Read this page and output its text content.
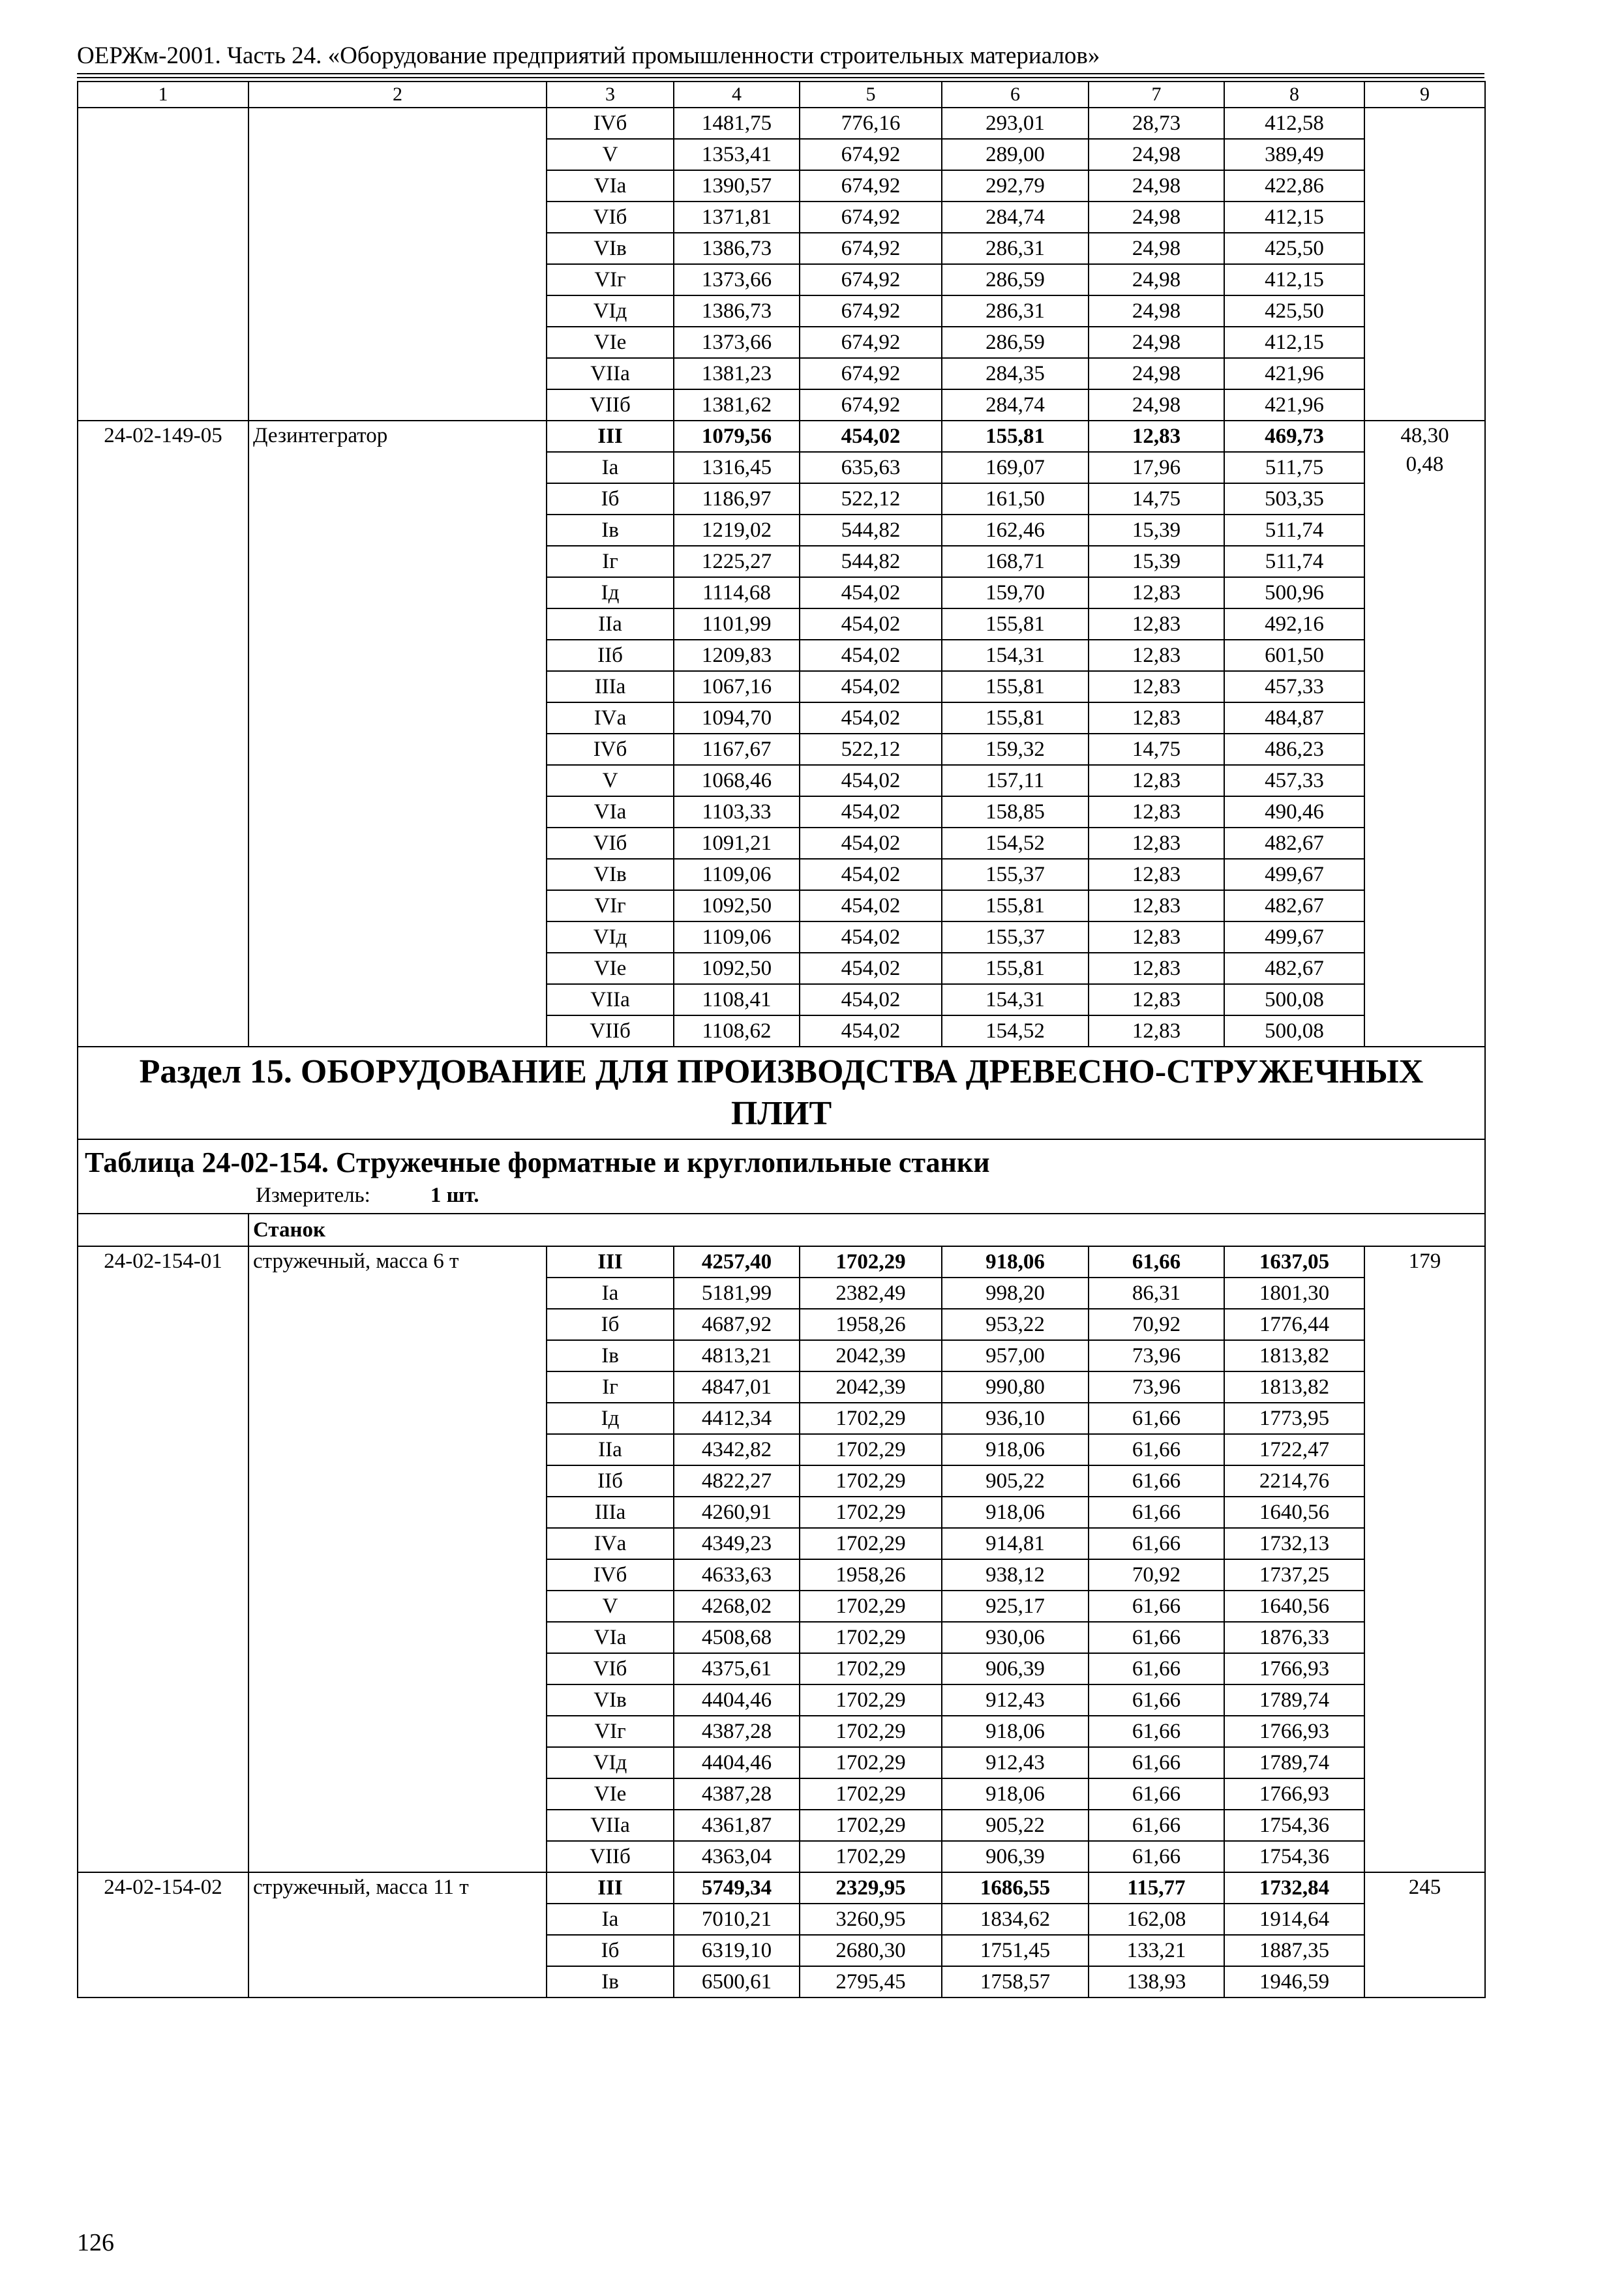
ОЕРЖм-2001. Часть 24. «Оборудование предприятий промышленности строительных материалов»
1	2	3	4	5	6	7	8	9
		IVб	1481,75	776,16	293,01	28,73	412,58	
		V	1353,41	674,92	289,00	24,98	389,49	
		VIа	1390,57	674,92	292,79	24,98	422,86	
		VIб	1371,81	674,92	284,74	24,98	412,15	
		VIв	1386,73	674,92	286,31	24,98	425,50	
		VIг	1373,66	674,92	286,59	24,98	412,15	
		VIд	1386,73	674,92	286,31	24,98	425,50	
		VIе	1373,66	674,92	286,59	24,98	412,15	
		VIIа	1381,23	674,92	284,35	24,98	421,96	
		VIIб	1381,62	674,92	284,74	24,98	421,96	
24-02-149-05	Дезинтегратор	III	1079,56	454,02	155,81	12,83	469,73	48,30
0,48

		Iа	1316,45	635,63	169,07	17,96	511,75	
		Iб	1186,97	522,12	161,50	14,75	503,35	
		Iв	1219,02	544,82	162,46	15,39	511,74	
		Iг	1225,27	544,82	168,71	15,39	511,74	
		Iд	1114,68	454,02	159,70	12,83	500,96	
		IIа	1101,99	454,02	155,81	12,83	492,16	
		IIб	1209,83	454,02	154,31	12,83	601,50	
		IIIа	1067,16	454,02	155,81	12,83	457,33	
		IVа	1094,70	454,02	155,81	12,83	484,87	
		IVб	1167,67	522,12	159,32	14,75	486,23	
		V	1068,46	454,02	157,11	12,83	457,33	
		VIа	1103,33	454,02	158,85	12,83	490,46	
		VIб	1091,21	454,02	154,52	12,83	482,67	
		VIв	1109,06	454,02	155,37	12,83	499,67	
		VIг	1092,50	454,02	155,81	12,83	482,67	
		VIд	1109,06	454,02	155,37	12,83	499,67	
		VIе	1092,50	454,02	155,81	12,83	482,67	
		VIIа	1108,41	454,02	154,31	12,83	500,08	
		VIIб	1108,62	454,02	154,52	12,83	500,08	
Раздел 15. ОБОРУДОВАНИЕ ДЛЯ ПРОИЗВОДСТВА ДРЕВЕСНО-СТРУЖЕЧНЫХ ПЛИТ								

Таблица 24-02-154. Стружечные форматные и круглопильные станки
Измеритель: 1 шт.								

	Станок							
24-02-154-01	стружечный, масса 6 т	III	4257,40	1702,29	918,06	61,66	1637,05	179

		Iа	5181,99	2382,49	998,20	86,31	1801,30	
		Iб	4687,92	1958,26	953,22	70,92	1776,44	
		Iв	4813,21	2042,39	957,00	73,96	1813,82	
		Iг	4847,01	2042,39	990,80	73,96	1813,82	
		Iд	4412,34	1702,29	936,10	61,66	1773,95	
		IIа	4342,82	1702,29	918,06	61,66	1722,47	
		IIб	4822,27	1702,29	905,22	61,66	2214,76	
		IIIа	4260,91	1702,29	918,06	61,66	1640,56	
		IVа	4349,23	1702,29	914,81	61,66	1732,13	
		IVб	4633,63	1958,26	938,12	70,92	1737,25	
		V	4268,02	1702,29	925,17	61,66	1640,56	
		VIа	4508,68	1702,29	930,06	61,66	1876,33	
		VIб	4375,61	1702,29	906,39	61,66	1766,93	
		VIв	4404,46	1702,29	912,43	61,66	1789,74	
		VIг	4387,28	1702,29	918,06	61,66	1766,93	
		VIд	4404,46	1702,29	912,43	61,66	1789,74	
		VIе	4387,28	1702,29	918,06	61,66	1766,93	
		VIIа	4361,87	1702,29	905,22	61,66	1754,36	
		VIIб	4363,04	1702,29	906,39	61,66	1754,36	
24-02-154-02	стружечный, масса 11 т	III	5749,34	2329,95	1686,55	115,77	1732,84	245

		Iа	7010,21	3260,95	1834,62	162,08	1914,64	
		Iб	6319,10	2680,30	1751,45	133,21	1887,35	
		Iв	6500,61	2795,45	1758,57	138,93	1946,59	
126
